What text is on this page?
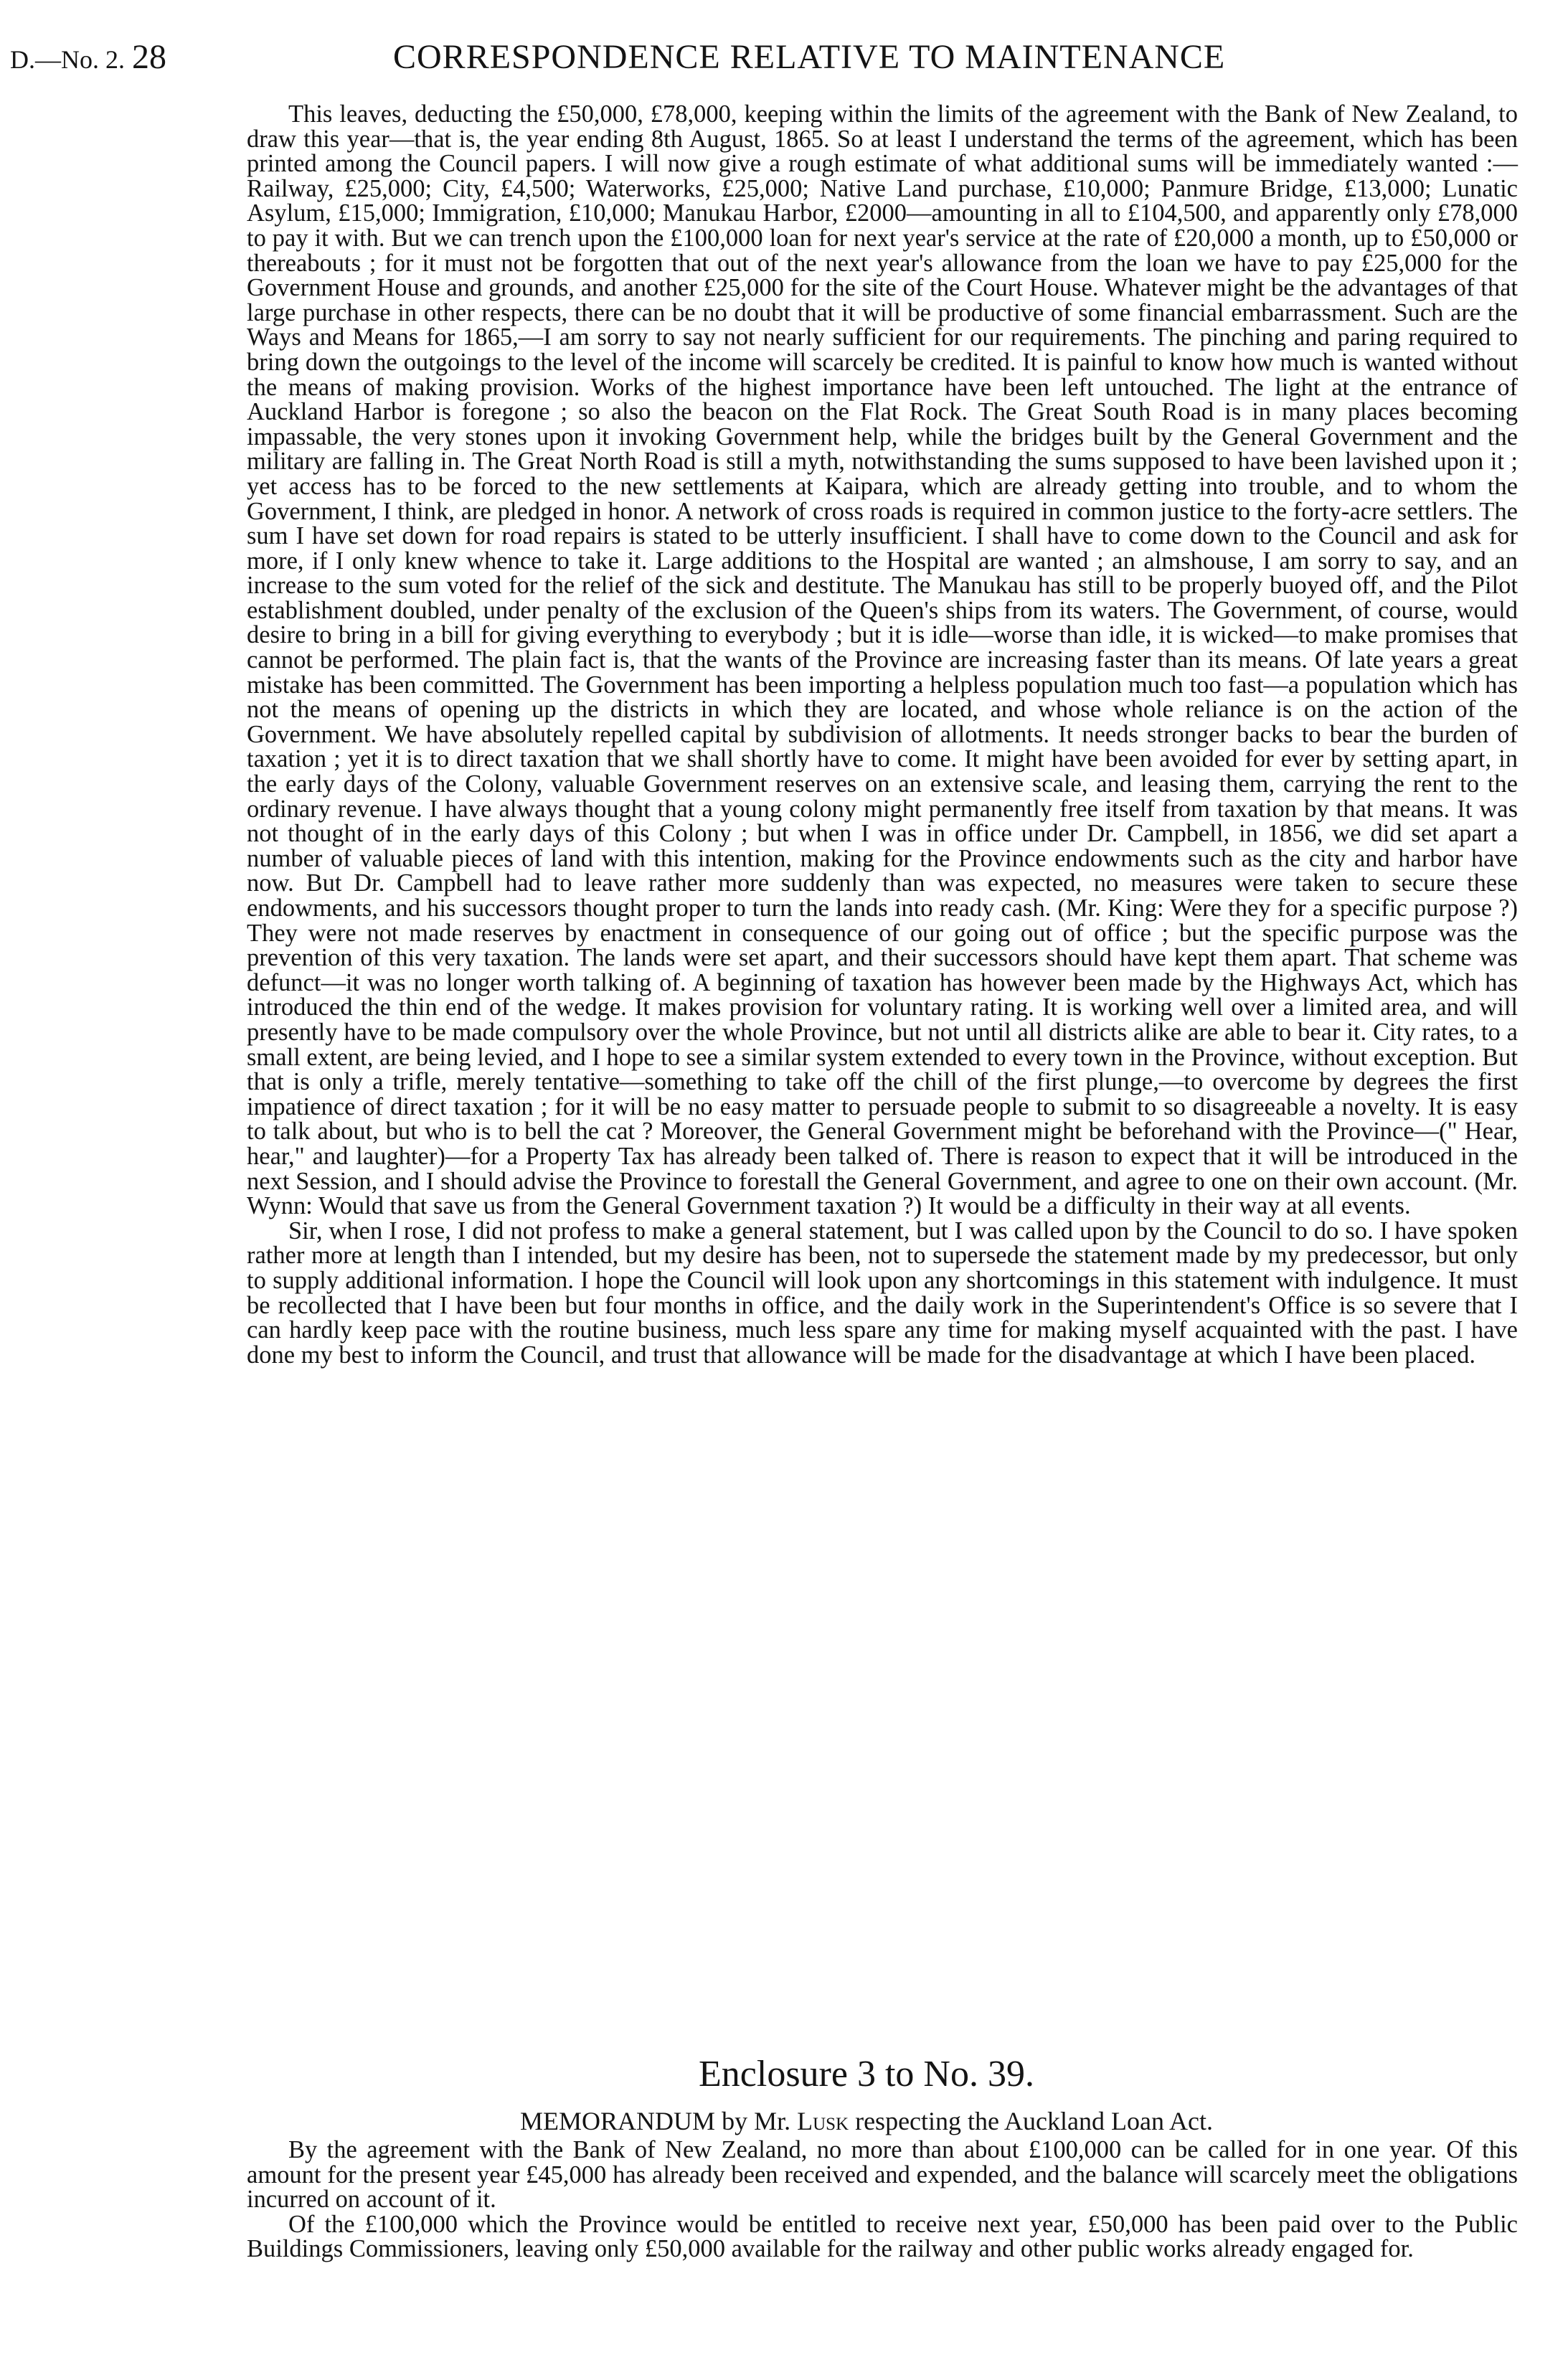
D.—No. 2. 28	CORRESPONDENCE RELATIVE TO MAINTENANCE

This leaves, deducting the £50,000, £78,000, keeping within the limits of the agreement with the Bank of New Zealand, to draw this year—that is, the year ending 8th August, 1865. So at least I understand the terms of the agreement, which has been printed among the Council papers. I will now give a rough estimate of what additional sums will be immediately wanted :—Railway, £25,000; City, £4,500; Waterworks, £25,000; Native Land purchase, £10,000; Panmure Bridge, £13,000; Lunatic Asylum, £15,000; Immigration, £10,000; Manukau Harbor, £2000—amounting in all to £104,500, and apparently only £78,000 to pay it with. But we can trench upon the £100,000 loan for next year's service at the rate of £20,000 a month, up to £50,000 or thereabouts ; for it must not be forgotten that out of the next year's allowance from the loan we have to pay £25,000 for the Government House and grounds, and another £25,000 for the site of the Court House. Whatever might be the advantages of that large purchase in other respects, there can be no doubt that it will be productive of some financial embarrassment. Such are the Ways and Means for 1865,—I am sorry to say not nearly sufficient for our requirements. The pinching and paring required to bring down the outgoings to the level of the income will scarcely be credited. It is painful to know how much is wanted without the means of making provision. Works of the highest importance have been left untouched. The light at the entrance of Auckland Harbor is foregone ; so also the beacon on the Flat Rock. The Great South Road is in many places becoming impassable, the very stones upon it invoking Government help, while the bridges built by the General Government and the military are falling in. The Great North Road is still a myth, notwithstanding the sums supposed to have been lavished upon it ; yet access has to be forced to the new settlements at Kaipara, which are already getting into trouble, and to whom the Government, I think, are pledged in honor. A network of cross roads is required in common justice to the forty-acre settlers. The sum I have set down for road repairs is stated to be utterly insufficient. I shall have to come down to the Council and ask for more, if I only knew whence to take it. Large additions to the Hospital are wanted ; an almshouse, I am sorry to say, and an increase to the sum voted for the relief of the sick and destitute. The Manukau has still to be properly buoyed off, and the Pilot establishment doubled, under penalty of the exclusion of the Queen's ships from its waters. The Government, of course, would desire to bring in a bill for giving everything to everybody ; but it is idle—worse than idle, it is wicked—to make promises that cannot be performed. The plain fact is, that the wants of the Province are increasing faster than its means. Of late years a great mistake has been committed. The Government has been importing a helpless population much too fast—a population which has not the means of opening up the districts in which they are located, and whose whole reliance is on the action of the Government. We have absolutely repelled capital by subdivision of allotments. It needs stronger backs to bear the burden of taxation ; yet it is to direct taxation that we shall shortly have to come. It might have been avoided for ever by setting apart, in the early days of the Colony, valuable Government reserves on an extensive scale, and leasing them, carrying the rent to the ordinary revenue. I have always thought that a young colony might permanently free itself from taxation by that means. It was not thought of in the early days of this Colony ; but when I was in office under Dr. Campbell, in 1856, we did set apart a number of valuable pieces of land with this intention, making for the Province endowments such as the city and harbor have now. But Dr. Campbell had to leave rather more suddenly than was expected, no measures were taken to secure these endowments, and his successors thought proper to turn the lands into ready cash. (Mr. King: Were they for a specific purpose ?) They were not made reserves by enactment in consequence of our going out of office ; but the specific purpose was the prevention of this very taxation. The lands were set apart, and their successors should have kept them apart. That scheme was defunct—it was no longer worth talking of. A beginning of taxation has however been made by the Highways Act, which has introduced the thin end of the wedge. It makes provision for voluntary rating. It is working well over a limited area, and will presently have to be made compulsory over the whole Province, but not until all districts alike are able to bear it. City rates, to a small extent, are being levied, and I hope to see a similar system extended to every town in the Province, without exception. But that is only a trifle, merely tentative—something to take off the chill of the first plunge,—to overcome by degrees the first impatience of direct taxation ; for it will be no easy matter to persuade people to submit to so disagreeable a novelty. It is easy to talk about, but who is to bell the cat ? Moreover, the General Government might be beforehand with the Province—(" Hear, hear," and laughter)—for a Property Tax has already been talked of. There is reason to expect that it will be introduced in the next Session, and I should advise the Province to forestall the General Government, and agree to one on their own account. (Mr. Wynn: Would that save us from the General Government taxation ?) It would be a difficulty in their way at all events.

Sir, when I rose, I did not profess to make a general statement, but I was called upon by the Council to do so. I have spoken rather more at length than I intended, but my desire has been, not to supersede the statement made by my predecessor, but only to supply additional information. I hope the Council will look upon any shortcomings in this statement with indulgence. It must be recollected that I have been but four months in office, and the daily work in the Superintendent's Office is so severe that I can hardly keep pace with the routine business, much less spare any time for making myself acquainted with the past. I have done my best to inform the Council, and trust that allowance will be made for the disadvantage at which I have been placed.

Enclosure 3 to No. 39.
MEMORANDUM by Mr. Lusk respecting the Auckland Loan Act.

By the agreement with the Bank of New Zealand, no more than about £100,000 can be called for in one year. Of this amount for the present year £45,000 has already been received and expended, and the balance will scarcely meet the obligations incurred on account of it.

Of the £100,000 which the Province would be entitled to receive next year, £50,000 has been paid over to the Public Buildings Commissioners, leaving only £50,000 available for the railway and other public works already engaged for.
